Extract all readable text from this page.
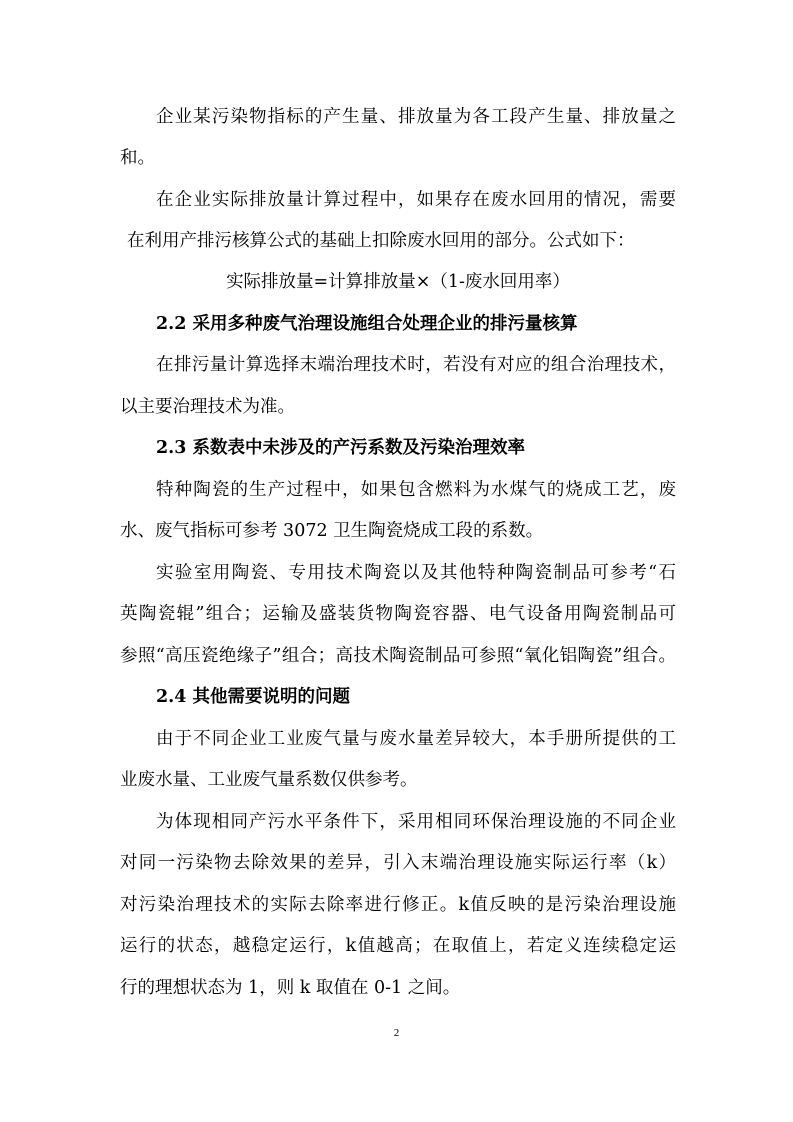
企业某污染物指标的产生量、排放量为各工段产生量、排放量之
和。
在企业实际排放量计算过程中，如果存在废水回用的情况，需要
在利用产排污核算公式的基础上扣除废水回用的部分。公式如下：
实际排放量=计算排放量×（1-废水回用率）
2.2 采用多种废气治理设施组合处理企业的排污量核算
在排污量计算选择末端治理技术时，若没有对应的组合治理技术，
以主要治理技术为准。
2.3 系数表中未涉及的产污系数及污染治理效率
特种陶瓷的生产过程中，如果包含燃料为水煤气的烧成工艺，废
水、废气指标可参考 3072 卫生陶瓷烧成工段的系数。
实验室用陶瓷、专用技术陶瓷以及其他特种陶瓷制品可参考“石
英陶瓷辊”组合；运输及盛装货物陶瓷容器、电气设备用陶瓷制品可
参照“高压瓷绝缘子”组合；高技术陶瓷制品可参照“氧化铝陶瓷”组合。
2.4 其他需要说明的问题
由于不同企业工业废气量与废水量差异较大，本手册所提供的工
业废水量、工业废气量系数仅供参考。
为体现相同产污水平条件下，采用相同环保治理设施的不同企业
对同一污染物去除效果的差异，引入末端治理设施实际运行率（k）
对污染治理技术的实际去除率进行修正。k值反映的是污染治理设施
运行的状态，越稳定运行，k值越高；在取值上，若定义连续稳定运
行的理想状态为 1，则 k 取值在 0-1 之间。
2
